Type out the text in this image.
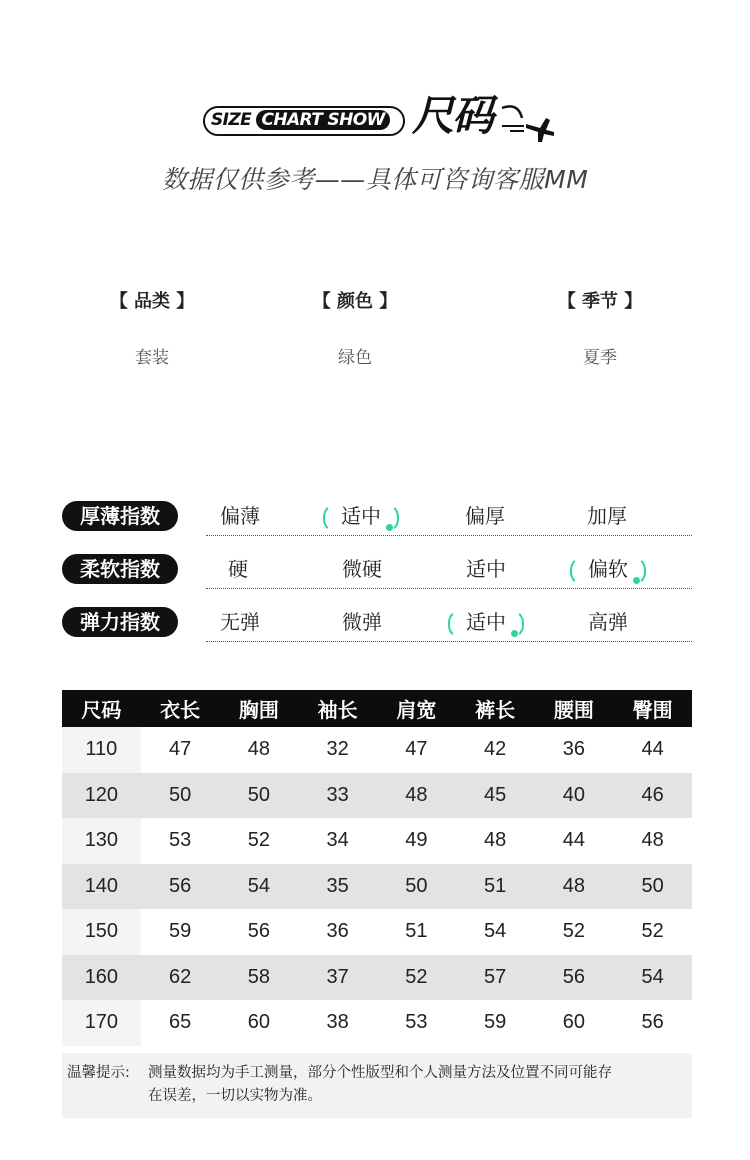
SIZE CHART SHOW 尺码
数据仅供参考——具体可咨询客服MM
【 品类 】
套装
【 颜色 】
绿色
【 季节 】
夏季
厚薄指数	偏薄	适中	偏厚	加厚
柔软指数	硬	微硬	适中	偏软
弹力指数	无弹	微弹	适中	高弹
尺码	衣长	胸围	袖长	肩宽	裤长	腰围	臀围
110	47	48	32	47	42	36	44
120	50	50	33	48	45	40	46
130	53	52	34	49	48	44	48
140	56	54	35	50	51	48	50
150	59	56	36	51	54	52	52
160	62	58	37	52	57	56	54
170	65	60	38	53	59	60	56
温馨提示: 测量数据均为手工测量，部分个性版型和个人测量方法及位置不同可能存
在误差，一切以实物为准。
